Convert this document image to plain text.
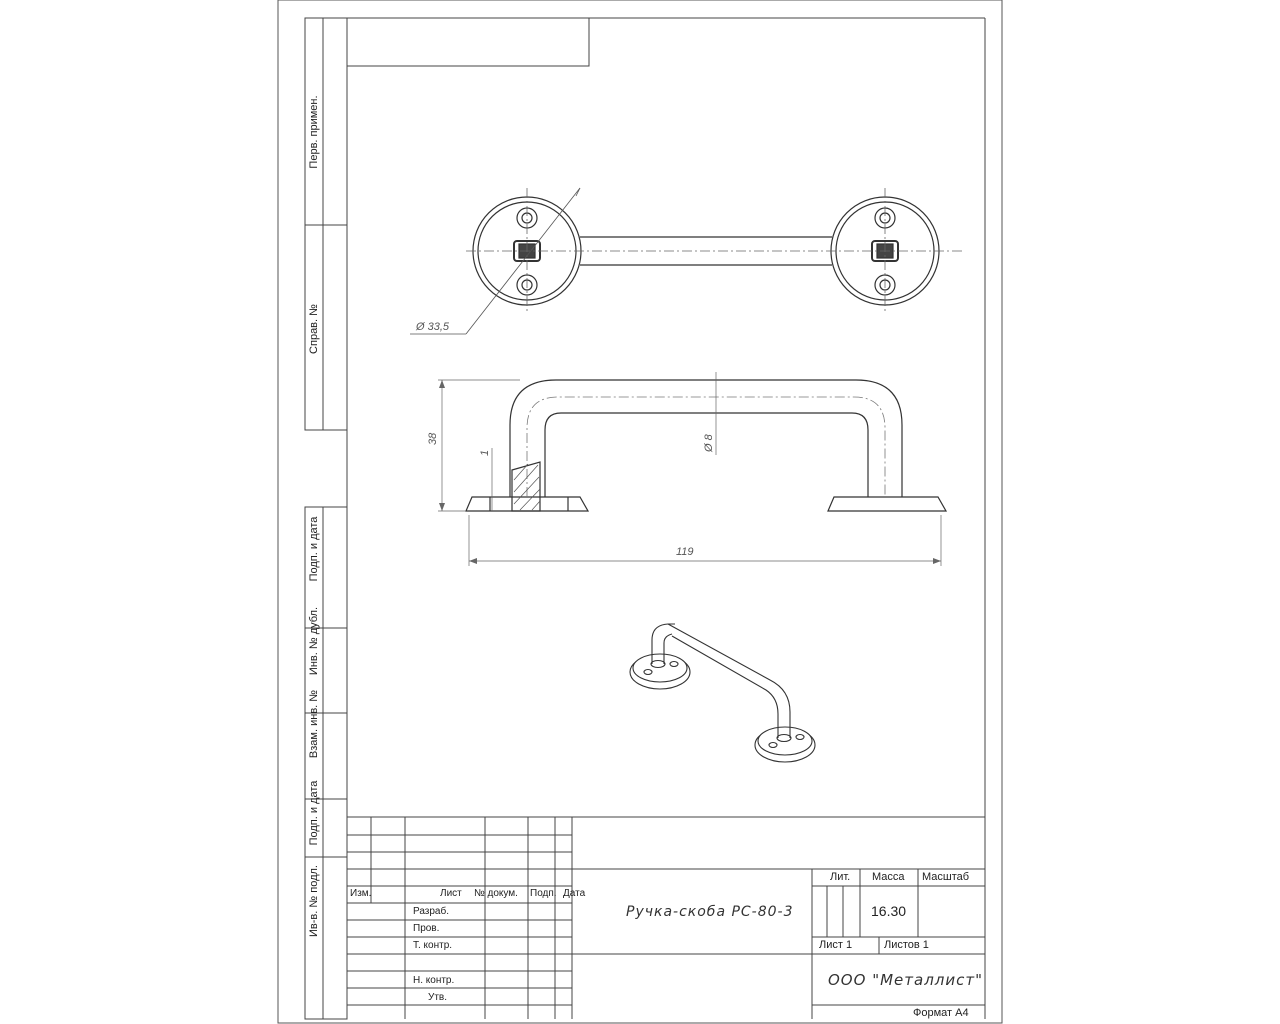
Перв. примен.
Справ. №
Подп. и дата
Инв. № дубл.
Взам. инв. №
Подп. и дата
Ив-в. № подл.
Ø 33,5
38
1
Ø 8
119
Изм.	Лист № докум. Подп. Дата
Разраб.
Пров.
Т. контр.
Н. контр.
Утв.
Ручка-скоба РС-80-3
Лит. Масса Масштаб
16.30
Лист 1	Листов 1
ООО "Металлист"
Формат А4
